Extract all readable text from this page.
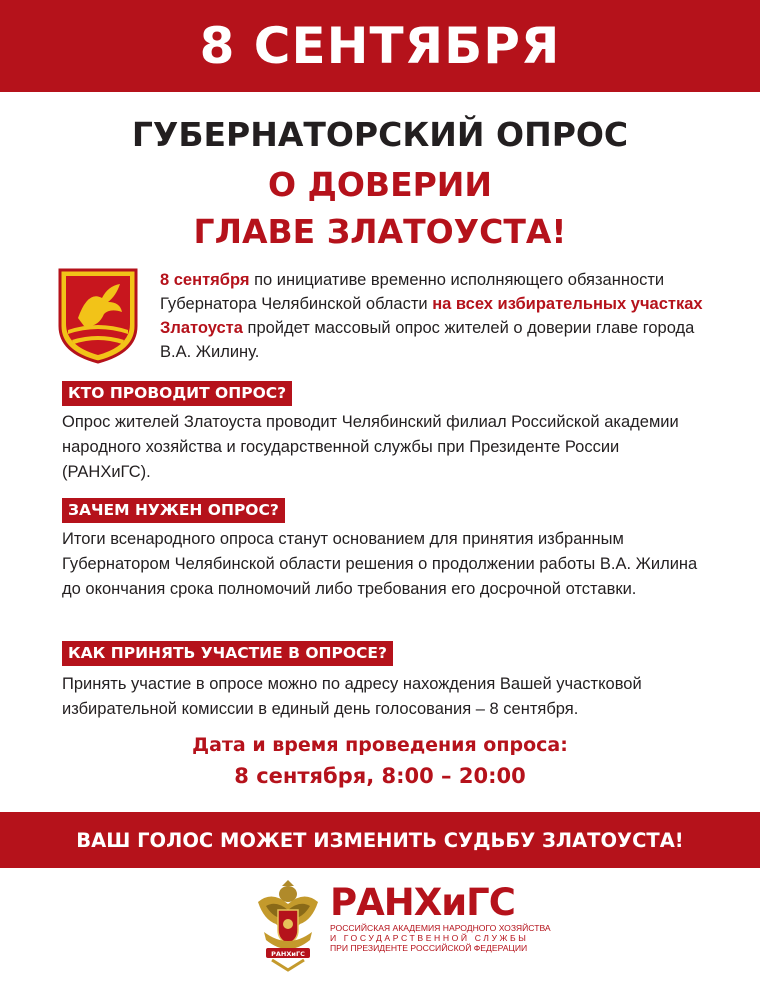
8 СЕНТЯБРЯ
ГУБЕРНАТОРСКИЙ ОПРОС
О ДОВЕРИИ
ГЛАВЕ ЗЛАТОУСТА!
8 сентября по инициативе временно исполняющего обязанности Губернатора Челябинской области на всех избирательных участках Златоуста пройдет массовый опрос жителей о доверии главе города В.А. Жилину.
КТО ПРОВОДИТ ОПРОС?
Опрос жителей Златоуста проводит Челябинский филиал Российской академии народного хозяйства и государственной службы при Президенте России (РАНХиГС).
ЗАЧЕМ НУЖЕН ОПРОС?
Итоги всенародного опроса станут основанием для принятия избранным Губернатором Челябинской области решения о продолжении работы В.А. Жилина до окончания срока полномочий либо требования его досрочной отставки.
КАК ПРИНЯТЬ УЧАСТИЕ В ОПРОСЕ?
Принять участие в опросе можно по адресу нахождения Вашей участковой избирательной комиссии в единый день голосования – 8 сентября.
Дата и время проведения опроса:
8 сентября, 8:00 – 20:00
ВАШ ГОЛОС МОЖЕТ ИЗМЕНИТЬ СУДЬБУ ЗЛАТОУСТА!
РАНХиГС
РАНХиГС
РОССИЙСКАЯ АКАДЕМИЯ НАРОДНОГО ХОЗЯЙСТВА
И ГОСУДАРСТВЕННОЙ СЛУЖБЫ
ПРИ ПРЕЗИДЕНТЕ РОССИЙСКОЙ ФЕДЕРАЦИИ
